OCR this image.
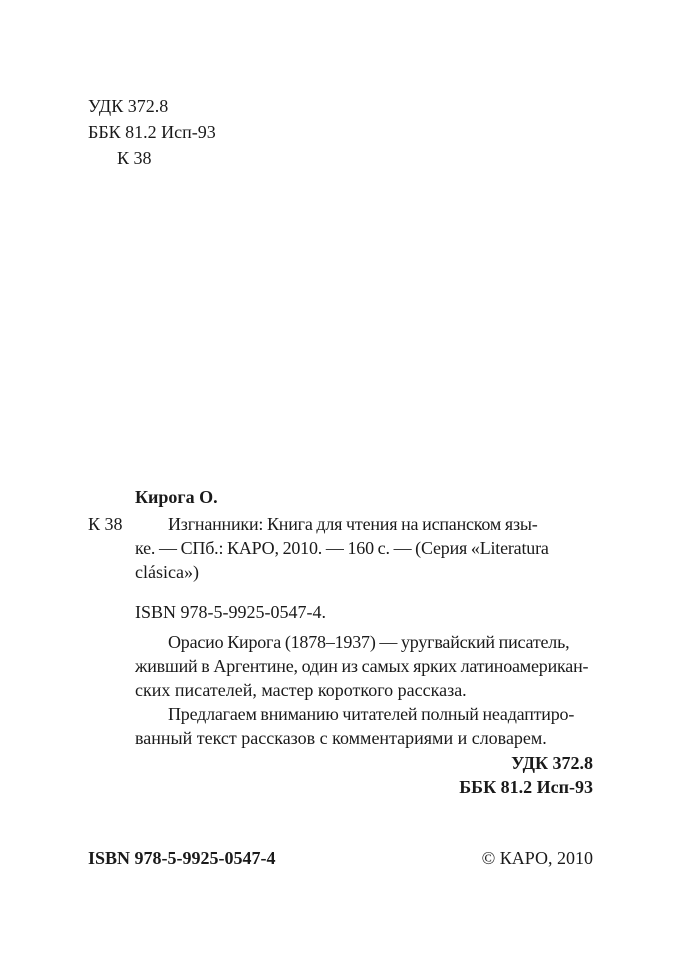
УДК 372.8
ББК 81.2 Исп-93
К 38
Кирога О.
К 38	Изгнанники: Книга для чтения на испанском язы-
ке. — СПб.: КАРО, 2010. — 160 с. — (Серия «Literatura
clásica»)
ISBN 978-5-9925-0547-4.
Орасио Кирога (1878–1937) — уругвайский писатель,
живший в Аргентине, один из самых ярких латиноамерикан-
ских писателей, мастер короткого рассказа.
Предлагаем вниманию читателей полный неадаптиро-
ванный текст рассказов с комментариями и словарем.
УДК 372.8
ББК 81.2 Исп-93
ISBN 978-5-9925-0547-4	© КАРО, 2010
